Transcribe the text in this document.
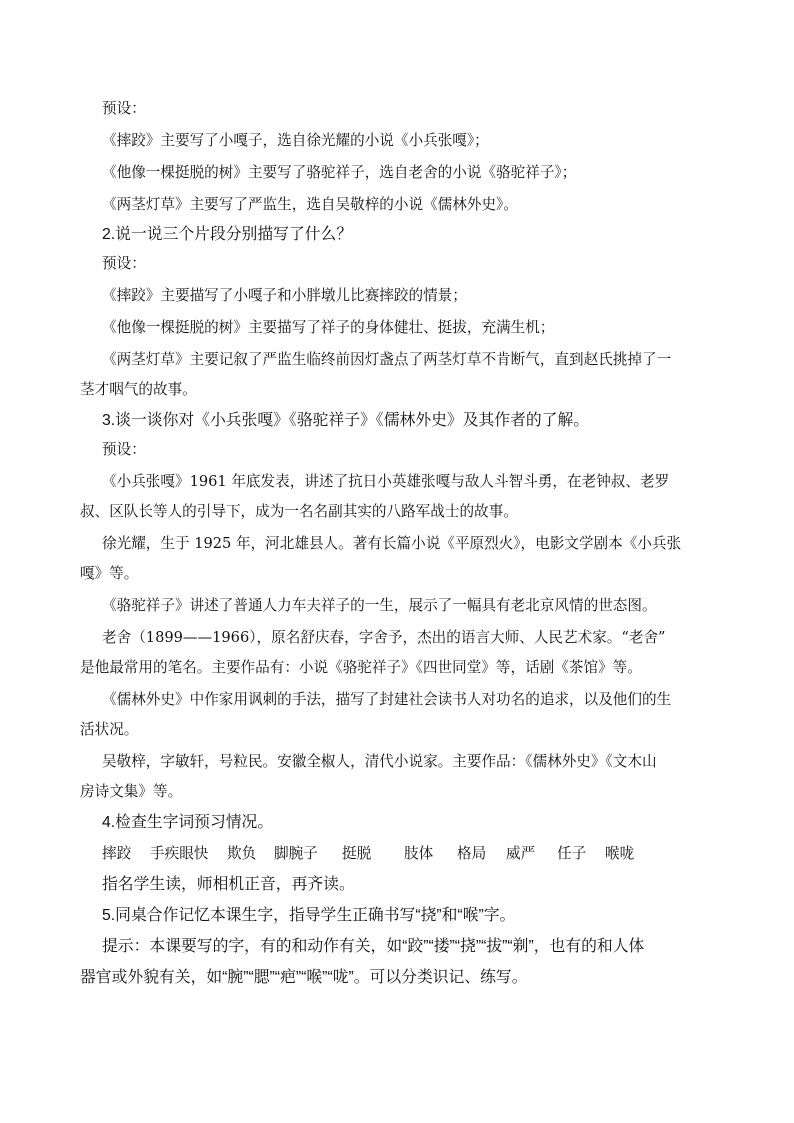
预设：
《摔跤》主要写了小嘎子，选自徐光耀的小说《小兵张嘎》；
《他像一棵挺脱的树》主要写了骆驼祥子，选自老舍的小说《骆驼祥子》；
《两茎灯草》主要写了严监生，选自吴敬梓的小说《儒林外史》。
2.说一说三个片段分别描写了什么？
预设：
《摔跤》主要描写了小嘎子和小胖墩儿比赛摔跤的情景；
《他像一棵挺脱的树》主要描写了祥子的身体健壮、挺拔，充满生机；
《两茎灯草》主要记叙了严监生临终前因灯盏点了两茎灯草不肯断气，直到赵氏挑掉了一
茎才咽气的故事。
3.谈一谈你对《小兵张嘎》《骆驼祥子》《儒林外史》及其作者的了解。
预设：
《小兵张嘎》1961 年底发表，讲述了抗日小英雄张嘎与敌人斗智斗勇，在老钟叔、老罗
叔、区队长等人的引导下，成为一名名副其实的八路军战士的故事。
徐光耀，生于 1925 年，河北雄县人。著有长篇小说《平原烈火》，电影文学剧本《小兵张
嘎》等。
《骆驼祥子》讲述了普通人力车夫祥子的一生，展示了一幅具有老北京风情的世态图。
老舍（1899——1966），原名舒庆春，字舍予，杰出的语言大师、人民艺术家。“老舍”
是他最常用的笔名。主要作品有：小说《骆驼祥子》《四世同堂》等，话剧《茶馆》等。
《儒林外史》中作家用讽刺的手法，描写了封建社会读书人对功名的追求，以及他们的生
活状况。
吴敬梓，字敏轩，号粒民。安徽全椒人，清代小说家。主要作品：《儒林外史》《文木山
房诗文集》等。
4.检查生字词预习情况。
摔跤	手疾眼快	欺负	脚腕子	挺脱	肢体	格局	威严	任子	喉咙
指名学生读，师相机正音，再齐读。
5.同桌合作记忆本课生字，指导学生正确书写“挠”和“喉”字。
提示：本课要写的字，有的和动作有关，如“跤”“搂”“挠”“拔”“剃”，也有的和人体
器官或外貌有关，如“腕”“腮”“疤”“喉”“咙”。可以分类识记、练写。
